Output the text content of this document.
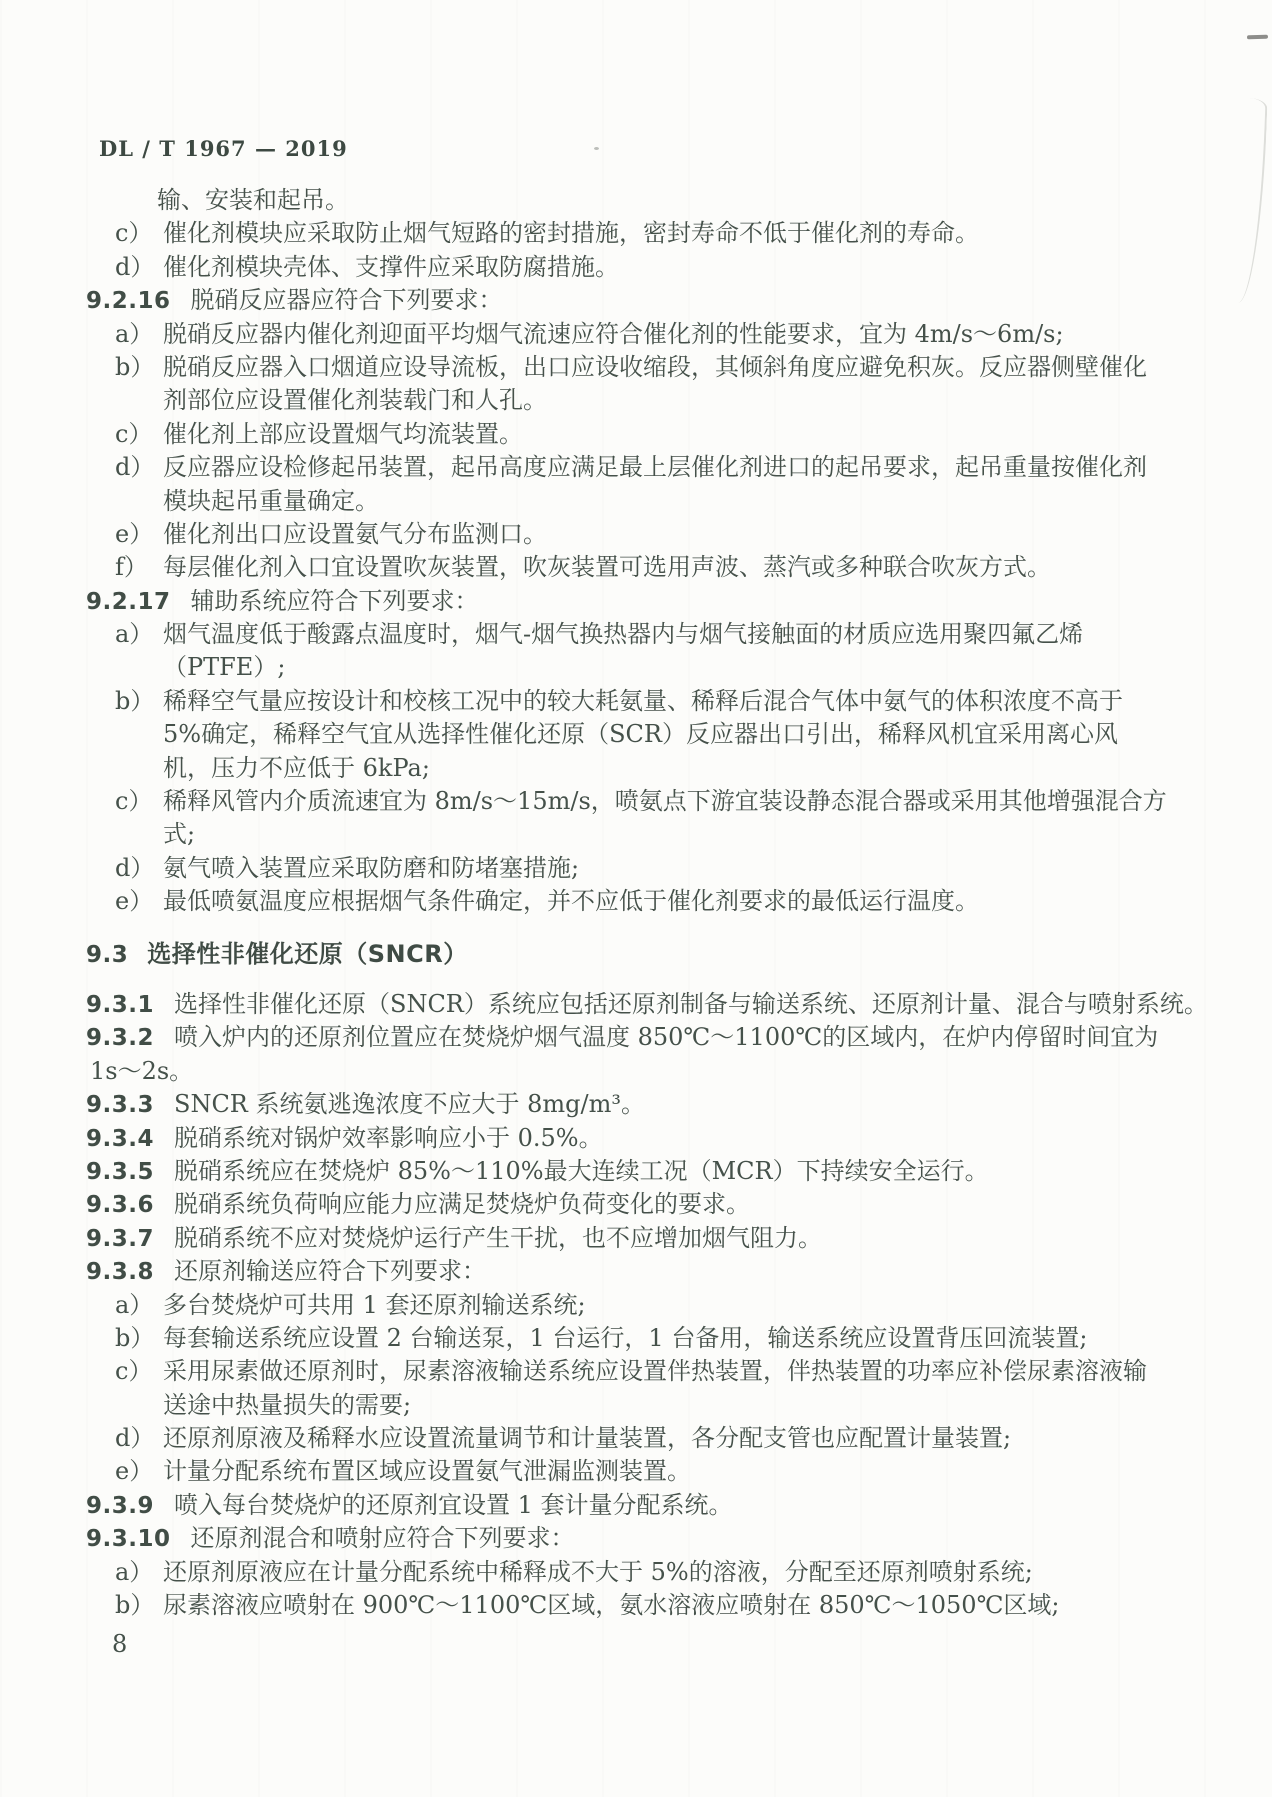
DL / T 1967 — 2019
输、安装和起吊。
c） 催化剂模块应采取防止烟气短路的密封措施，密封寿命不低于催化剂的寿命。
d） 催化剂模块壳体、支撑件应采取防腐措施。
9.2.16 脱硝反应器应符合下列要求：
a） 脱硝反应器内催化剂迎面平均烟气流速应符合催化剂的性能要求，宜为 4m/s～6m/s;
b） 脱硝反应器入口烟道应设导流板，出口应设收缩段，其倾斜角度应避免积灰。反应器侧壁催化
剂部位应设置催化剂装载门和人孔。
c） 催化剂上部应设置烟气均流装置。
d） 反应器应设检修起吊装置，起吊高度应满足最上层催化剂进口的起吊要求，起吊重量按催化剂
模块起吊重量确定。
e） 催化剂出口应设置氨气分布监测口。
f） 每层催化剂入口宜设置吹灰装置，吹灰装置可选用声波、蒸汽或多种联合吹灰方式。
9.2.17 辅助系统应符合下列要求：
a） 烟气温度低于酸露点温度时，烟气-烟气换热器内与烟气接触面的材质应选用聚四氟乙烯
（PTFE）;
b） 稀释空气量应按设计和校核工况中的较大耗氨量、稀释后混合气体中氨气的体积浓度不高于
5%确定，稀释空气宜从选择性催化还原（SCR）反应器出口引出，稀释风机宜采用离心风
机，压力不应低于 6kPa;
c） 稀释风管内介质流速宜为 8m/s～15m/s，喷氨点下游宜装设静态混合器或采用其他增强混合方
式;
d） 氨气喷入装置应采取防磨和防堵塞措施;
e） 最低喷氨温度应根据烟气条件确定，并不应低于催化剂要求的最低运行温度。
9.3 选择性非催化还原（SNCR）
9.3.1 选择性非催化还原（SNCR）系统应包括还原剂制备与输送系统、还原剂计量、混合与喷射系统。
9.3.2 喷入炉内的还原剂位置应在焚烧炉烟气温度 850℃～1100℃的区域内，在炉内停留时间宜为
1s～2s。
9.3.3 SNCR 系统氨逃逸浓度不应大于 8mg/m³。
9.3.4 脱硝系统对锅炉效率影响应小于 0.5%。
9.3.5 脱硝系统应在焚烧炉 85%～110%最大连续工况（MCR）下持续安全运行。
9.3.6 脱硝系统负荷响应能力应满足焚烧炉负荷变化的要求。
9.3.7 脱硝系统不应对焚烧炉运行产生干扰，也不应增加烟气阻力。
9.3.8 还原剂输送应符合下列要求：
a） 多台焚烧炉可共用 1 套还原剂输送系统;
b） 每套输送系统应设置 2 台输送泵，1 台运行，1 台备用，输送系统应设置背压回流装置;
c） 采用尿素做还原剂时，尿素溶液输送系统应设置伴热装置，伴热装置的功率应补偿尿素溶液输
送途中热量损失的需要;
d） 还原剂原液及稀释水应设置流量调节和计量装置，各分配支管也应配置计量装置;
e） 计量分配系统布置区域应设置氨气泄漏监测装置。
9.3.9 喷入每台焚烧炉的还原剂宜设置 1 套计量分配系统。
9.3.10 还原剂混合和喷射应符合下列要求：
a） 还原剂原液应在计量分配系统中稀释成不大于 5%的溶液，分配至还原剂喷射系统;
b） 尿素溶液应喷射在 900℃～1100℃区域，氨水溶液应喷射在 850℃～1050℃区域;
8
